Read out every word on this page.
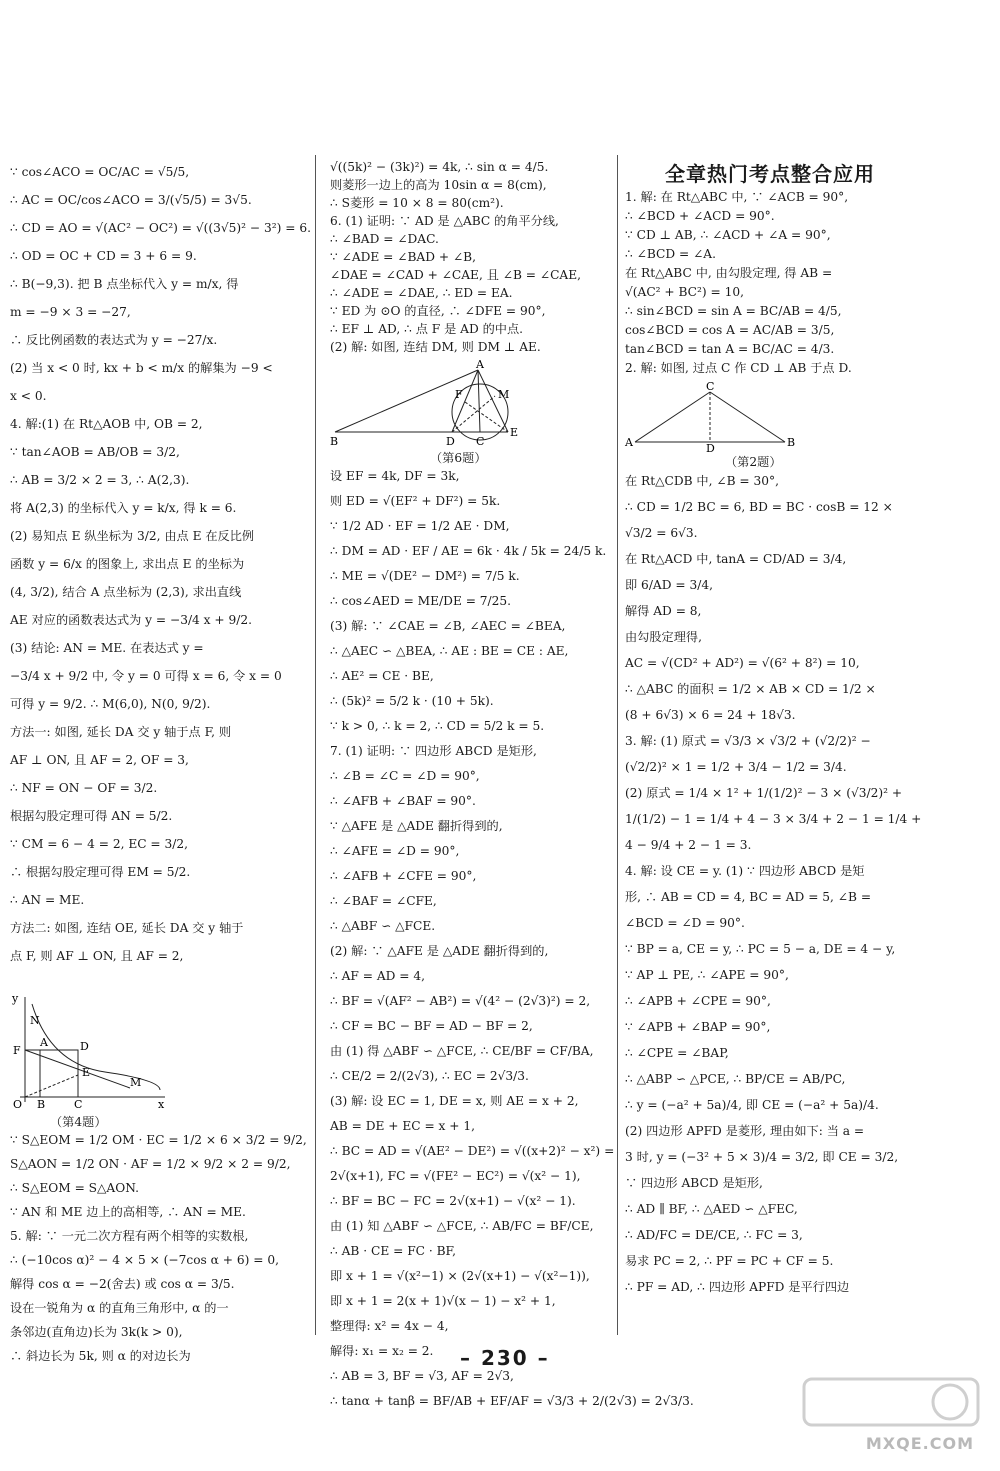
全章热门考点整合应用
∵ cos∠ACO = OC/AC = √5/5,
∴ AC = OC/cos∠ACO = 3/(√5/5) = 3√5.
∴ CD = AO = √(AC² − OC²) = √((3√5)² − 3²) = 6.
∴ OD = OC + CD = 3 + 6 = 9.
∴ B(−9,3). 把 B 点坐标代入 y = m/x, 得
m = −9 × 3 = −27,
∴ 反比例函数的表达式为 y = −27/x.
(2) 当 x < 0 时, kx + b < m/x 的解集为 −9 <
x < 0.
4. 解:(1) 在 Rt△AOB 中, OB = 2,
∵ tan∠AOB = AB/OB = 3/2,
∴ AB = 3/2 × 2 = 3, ∴ A(2,3).
将 A(2,3) 的坐标代入 y = k/x, 得 k = 6.
(2) 易知点 E 纵坐标为 3/2, 由点 E 在反比例
函数 y = 6/x 的图象上, 求出点 E 的坐标为
(4, 3/2), 结合 A 点坐标为 (2,3), 求出直线
AE 对应的函数表达式为 y = −3/4 x + 9/2.
(3) 结论: AN = ME. 在表达式 y =
−3/4 x + 9/2 中, 令 y = 0 可得 x = 6, 令 x = 0
可得 y = 9/2. ∴ M(6,0), N(0, 9/2).
方法一: 如图, 延长 DA 交 y 轴于点 F, 则
AF ⊥ ON, 且 AF = 2, OF = 3,
∴ NF = ON − OF = 3/2.
根据勾股定理可得 AN = 5/2.
∵ CM = 6 − 4 = 2, EC = 3/2,
∴ 根据勾股定理可得 EM = 5/2.
∴ AN = ME.
方法二: 如图, 连结 OE, 延长 DA 交 y 轴于
点 F, 则 AF ⊥ ON, 且 AF = 2,
y
N
F
A	D
E
M
O B	C	x
（第4题）
∵ S△EOM = 1/2 OM · EC = 1/2 × 6 × 3/2 = 9/2,
S△AON = 1/2 ON · AF = 1/2 × 9/2 × 2 = 9/2,
∴ S△EOM = S△AON.
∵ AN 和 ME 边上的高相等, ∴ AN = ME.
5. 解: ∵ 一元二次方程有两个相等的实数根,
∴ (−10cos α)² − 4 × 5 × (−7cos α + 6) = 0,
解得 cos α = −2(舍去) 或 cos α = 3/5.
设在一锐角为 α 的直角三角形中, α 的一
条邻边(直角边)长为 3k(k > 0),
∴ 斜边长为 5k, 则 α 的对边长为
√((5k)² − (3k)²) = 4k, ∴ sin α = 4/5.
则菱形一边上的高为 10sin α = 8(cm),
∴ S菱形 = 10 × 8 = 80(cm²).
6. (1) 证明: ∵ AD 是 △ABC 的角平分线,
∴ ∠BAD = ∠DAC.
∵ ∠ADE = ∠BAD + ∠B,
∠DAE = ∠CAD + ∠CAE, 且 ∠B = ∠CAE,
∴ ∠ADE = ∠DAE, ∴ ED = EA.
∵ ED 为 ⊙O 的直径, ∴ ∠DFE = 90°,
∴ EF ⊥ AD, ∴ 点 F 是 AD 的中点.
(2) 解: 如图, 连结 DM, 则 DM ⊥ AE.
A
F	M
B	D C
E
（第6题）
设 EF = 4k, DF = 3k,
则 ED = √(EF² + DF²) = 5k.
∵ 1/2 AD · EF = 1/2 AE · DM,
∴ DM = AD · EF / AE = 6k · 4k / 5k = 24/5 k.
∴ ME = √(DE² − DM²) = 7/5 k.
∴ cos∠AED = ME/DE = 7/25.
(3) 解: ∵ ∠CAE = ∠B, ∠AEC = ∠BEA,
∴ △AEC ∽ △BEA, ∴ AE : BE = CE : AE,
∴ AE² = CE · BE,
∴ (5k)² = 5/2 k · (10 + 5k).
∵ k > 0, ∴ k = 2, ∴ CD = 5/2 k = 5.
7. (1) 证明: ∵ 四边形 ABCD 是矩形,
∴ ∠B = ∠C = ∠D = 90°,
∴ ∠AFB + ∠BAF = 90°.
∵ △AFE 是 △ADE 翻折得到的,
∴ ∠AFE = ∠D = 90°,
∴ ∠AFB + ∠CFE = 90°,
∴ ∠BAF = ∠CFE,
∴ △ABF ∽ △FCE.
(2) 解: ∵ △AFE 是 △ADE 翻折得到的,
∴ AF = AD = 4,
∴ BF = √(AF² − AB²) = √(4² − (2√3)²) = 2,
∴ CF = BC − BF = AD − BF = 2,
由 (1) 得 △ABF ∽ △FCE, ∴ CE/BF = CF/BA,
∴ CE/2 = 2/(2√3), ∴ EC = 2√3/3.
(3) 解: 设 EC = 1, DE = x, 则 AE = x + 2,
AB = DE + EC = x + 1,
∴ BC = AD = √(AE² − DE²) = √((x+2)² − x²) =
2√(x+1), FC = √(FE² − EC²) = √(x² − 1),
∴ BF = BC − FC = 2√(x+1) − √(x² − 1).
由 (1) 知 △ABF ∽ △FCE, ∴ AB/FC = BF/CE,
∴ AB · CE = FC · BF,
即 x + 1 = √(x²−1) × (2√(x+1) − √(x²−1)),
即 x + 1 = 2(x + 1)√(x − 1) − x² + 1,
整理得: x² = 4x − 4,
解得: x₁ = x₂ = 2.
∴ AB = 3, BF = √3, AF = 2√3,
∴ tanα + tanβ = BF/AB + EF/AF = √3/3 + 2/(2√3) = 2√3/3.
1. 解: 在 Rt△ABC 中, ∵ ∠ACB = 90°,
∴ ∠BCD + ∠ACD = 90°.
∵ CD ⊥ AB, ∴ ∠ACD + ∠A = 90°,
∴ ∠BCD = ∠A.
在 Rt△ABC 中, 由勾股定理, 得 AB =
√(AC² + BC²) = 10,
∴ sin∠BCD = sin A = BC/AB = 4/5,
cos∠BCD = cos A = AC/AB = 3/5,
tan∠BCD = tan A = BC/AC = 4/3.
2. 解: 如图, 过点 C 作 CD ⊥ AB 于点 D.
C
A	D	B
（第2题）
在 Rt△CDB 中, ∠B = 30°,
∴ CD = 1/2 BC = 6, BD = BC · cosB = 12 ×
√3/2 = 6√3.
在 Rt△ACD 中, tanA = CD/AD = 3/4,
即 6/AD = 3/4,
解得 AD = 8,
由勾股定理得,
AC = √(CD² + AD²) = √(6² + 8²) = 10,
∴ △ABC 的面积 = 1/2 × AB × CD = 1/2 ×
(8 + 6√3) × 6 = 24 + 18√3.
3. 解: (1) 原式 = √3/3 × √3/2 + (√2/2)² −
(√2/2)² × 1 = 1/2 + 3/4 − 1/2 = 3/4.
(2) 原式 = 1/4 × 1² + 1/(1/2)² − 3 × (√3/2)² +
1/(1/2) − 1 = 1/4 + 4 − 3 × 3/4 + 2 − 1 = 1/4 +
4 − 9/4 + 2 − 1 = 3.
4. 解: 设 CE = y. (1) ∵ 四边形 ABCD 是矩
形, ∴ AB = CD = 4, BC = AD = 5, ∠B =
∠BCD = ∠D = 90°.
∵ BP = a, CE = y, ∴ PC = 5 − a, DE = 4 − y,
∵ AP ⊥ PE, ∴ ∠APE = 90°,
∴ ∠APB + ∠CPE = 90°,
∵ ∠APB + ∠BAP = 90°,
∴ ∠CPE = ∠BAP,
∴ △ABP ∽ △PCE, ∴ BP/CE = AB/PC,
∴ y = (−a² + 5a)/4, 即 CE = (−a² + 5a)/4.
(2) 四边形 APFD 是菱形, 理由如下: 当 a =
3 时, y = (−3² + 5 × 3)/4 = 3/2, 即 CE = 3/2,
∵ 四边形 ABCD 是矩形,
∴ AD ∥ BF, ∴ △AED ∽ △FEC,
∴ AD/FC = DE/CE, ∴ FC = 3,
易求 PC = 2, ∴ PF = PC + CF = 5.
∴ PF = AD, ∴ 四边形 APFD 是平行四边
– 230 –
MXQE.COM
